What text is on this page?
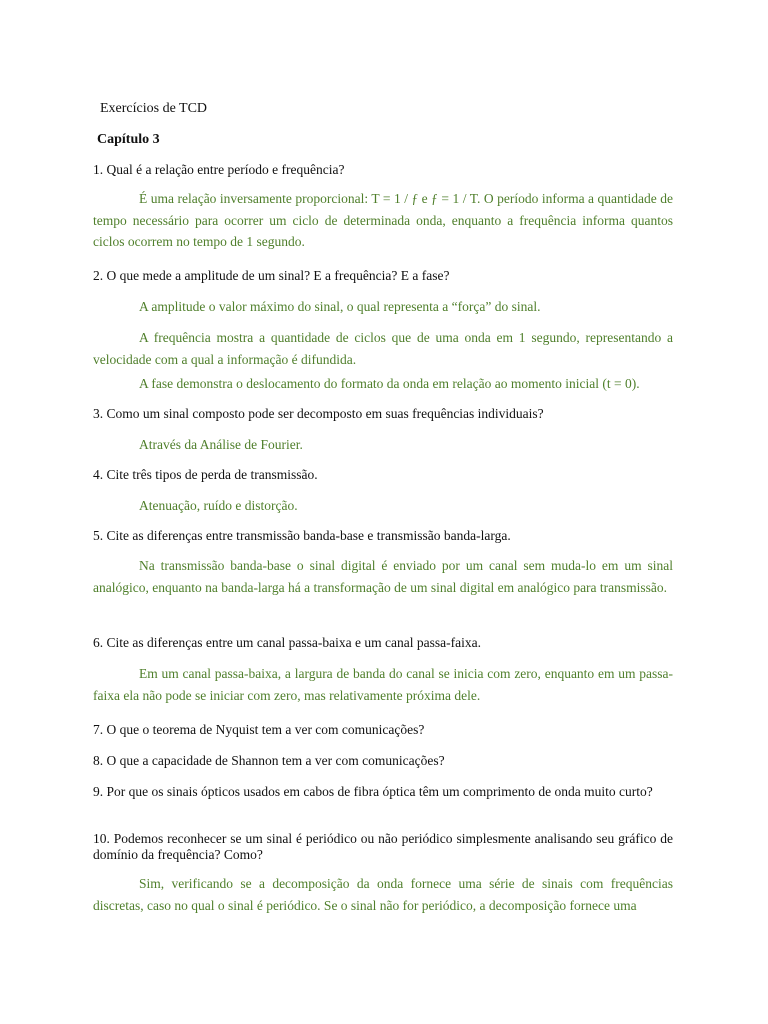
Exercícios de TCD
Capítulo 3
1. Qual é a relação entre período e frequência?
É uma relação inversamente proporcional: T = 1 / ƒ e ƒ = 1 / T. O período informa a quantidade de tempo necessário para ocorrer um ciclo de determinada onda, enquanto a frequência informa quantos ciclos ocorrem no tempo de 1 segundo.
2. O que mede a amplitude de um sinal? E a frequência? E a fase?
A amplitude o valor máximo do sinal, o qual representa a “força” do sinal.
A frequência mostra a quantidade de ciclos que de uma onda em 1 segundo, representando a velocidade com a qual a informação é difundida.
A fase demonstra o deslocamento do formato da onda em relação ao momento inicial (t = 0).
3. Como um sinal composto pode ser decomposto em suas frequências individuais?
Através da Análise de Fourier.
4. Cite três tipos de perda de transmissão.
Atenuação, ruído e distorção.
5. Cite as diferenças entre transmissão banda-base e transmissão banda-larga.
Na transmissão banda-base o sinal digital é enviado por um canal sem muda-lo em um sinal analógico, enquanto na banda-larga há a transformação de um sinal digital em analógico para transmissão.
6. Cite as diferenças entre um canal passa-baixa e um canal passa-faixa.
Em um canal passa-baixa, a largura de banda do canal se inicia com zero, enquanto em um passa-faixa ela não pode se iniciar com zero, mas relativamente próxima dele.
7. O que o teorema de Nyquist tem a ver com comunicações?
8. O que a capacidade de Shannon tem a ver com comunicações?
9. Por que os sinais ópticos usados em cabos de fibra óptica têm um comprimento de onda muito curto?
10. Podemos reconhecer se um sinal é periódico ou não periódico simplesmente analisando seu gráfico de domínio da frequência? Como?
Sim, verificando se a decomposição da onda fornece uma série de sinais com frequências discretas, caso no qual o sinal é periódico. Se o sinal não for periódico, a decomposição fornece uma
